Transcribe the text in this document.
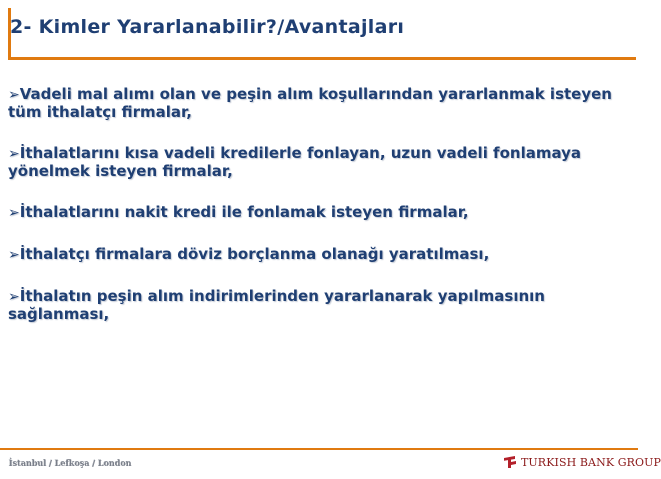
2- Kimler Yararlanabilir?/Avantajları
➢Vadeli mal alımı olan ve peşin alım koşullarından yararlanmak isteyen tüm ithalatçı firmalar,
➢İthalatlarını kısa vadeli kredilerle fonlayan, uzun vadeli fonlamaya yönelmek isteyen firmalar,
➢İthalatlarını nakit kredi ile fonlamak isteyen firmalar,
➢İthalatçı firmalara döviz borçlanma olanağı yaratılması,
➢İthalatın peşin alım indirimlerinden yararlanarak yapılmasının sağlanması,
İstanbul / Lefkoşa / London	TURKISH BANK GROUP
